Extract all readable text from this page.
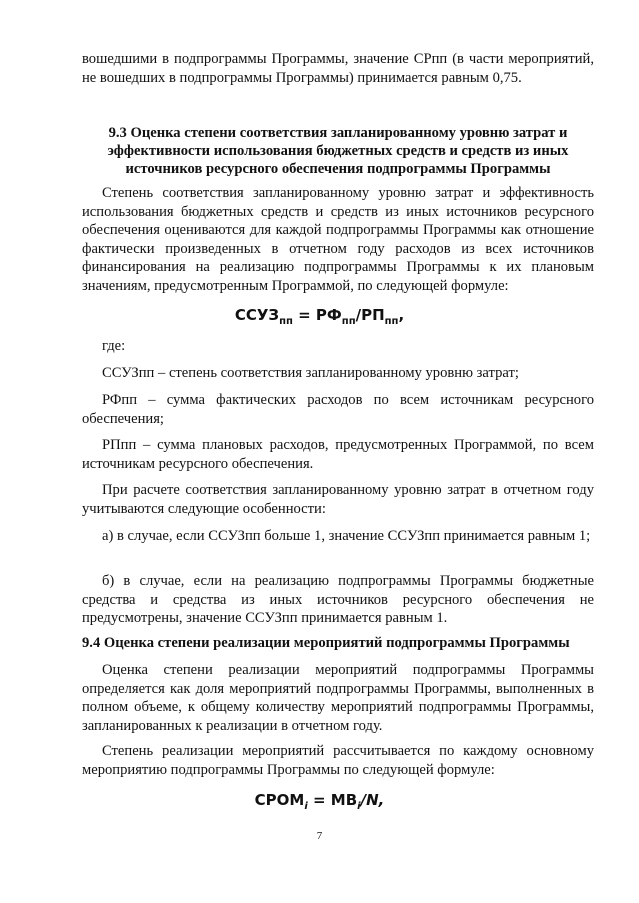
вошедшими в подпрограммы Программы, значение СРпп (в части мероприятий, не вошедших в подпрограммы Программы) принимается равным 0,75.
9.3 Оценка степени соответствия запланированному уровню затрат и эффективности использования бюджетных средств и средств из иных источников ресурсного обеспечения подпрограммы Программы
Степень соответствия запланированному уровню затрат и эффективность использования бюджетных средств и средств из иных источников ресурсного обеспечения оцениваются для каждой подпрограммы Программы как отношение фактически произведенных в отчетном году расходов из всех источников финансирования на реализацию подпрограммы Программы к их плановым значениям, предусмотренным Программой, по следующей формуле:
$ССУЗ_{пп} = РФ_{пп}/РП_{пп}$,
где:
ССУЗпп – степень соответствия запланированному уровню затрат;
РФпп – сумма фактических расходов по всем источникам ресурсного обеспечения;
РПпп – сумма плановых расходов, предусмотренных Программой, по всем источникам ресурсного обеспечения.
При расчете соответствия запланированному уровню затрат в отчетном году учитываются следующие особенности:
а) в случае, если ССУЗпп больше 1, значение ССУЗпп принимается равным 1;
б) в случае, если на реализацию подпрограммы Программы бюджетные средства и средства из иных источников ресурсного обеспечения не предусмотрены, значение ССУЗпп принимается равным 1.
9.4 Оценка степени реализации мероприятий подпрограммы Программы
Оценка степени реализации мероприятий подпрограммы Программы определяется как доля мероприятий подпрограммы Программы, выполненных в полном объеме, к общему количеству мероприятий подпрограммы Программы, запланированных к реализации в отчетном году.
Степень реализации мероприятий рассчитывается по каждому основному мероприятию подпрограммы Программы по следующей формуле:
$СРОМ_i = МВ_i/N$,
7
